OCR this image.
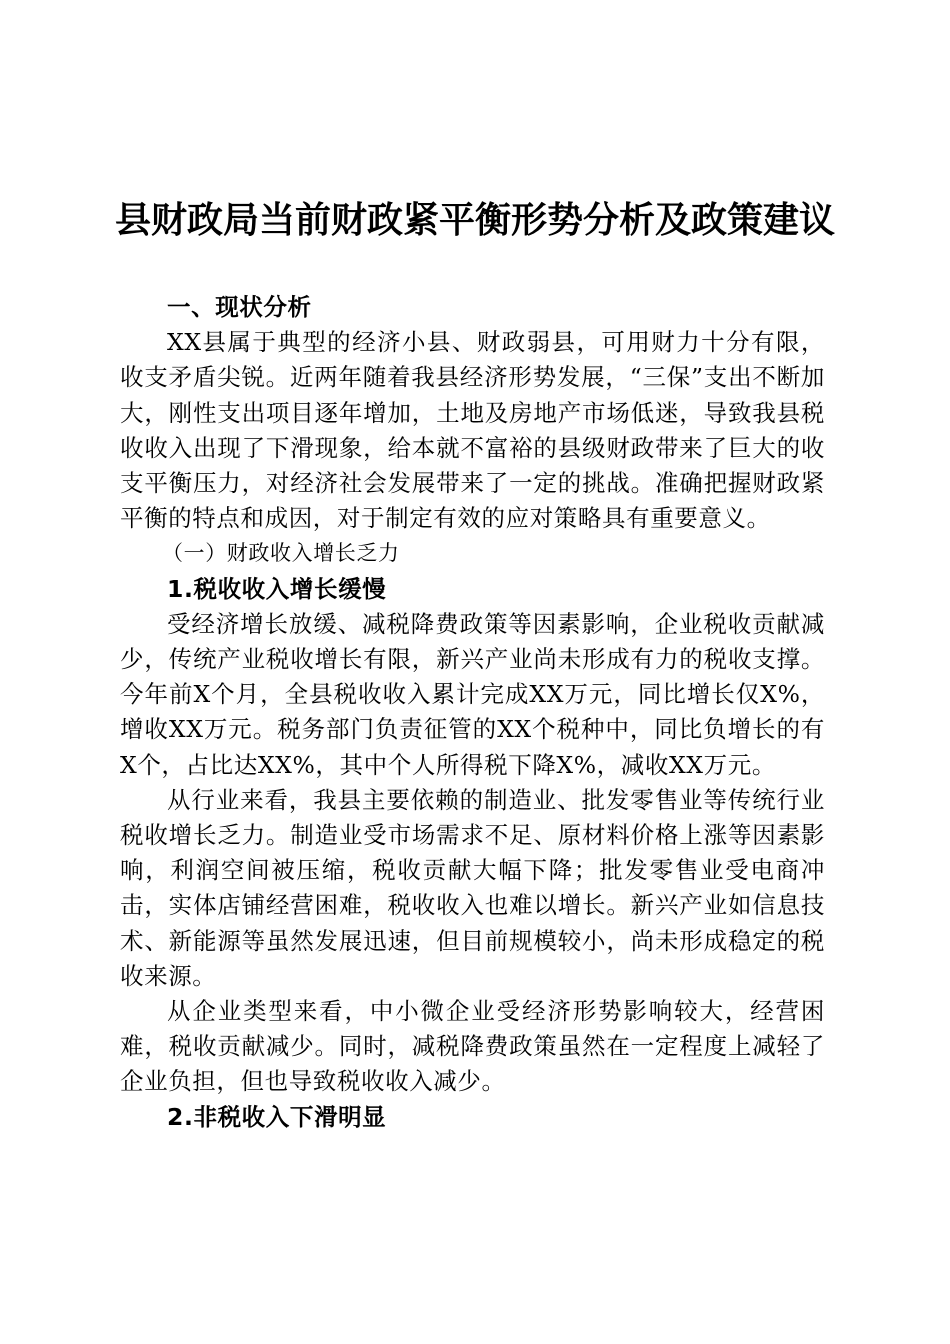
县财政局当前财政紧平衡形势分析及政策建议
一、现状分析

XX县属于典型的经济小县、财政弱县，可用财力十分有限，收支矛盾尖锐。近两年随着我县经济形势发展，“三保”支出不断加大，刚性支出项目逐年增加，土地及房地产市场低迷，导致我县税收收入出现了下滑现象，给本就不富裕的县级财政带来了巨大的收支平衡压力，对经济社会发展带来了一定的挑战。准确把握财政紧平衡的特点和成因，对于制定有效的应对策略具有重要意义。

（一）财政收入增长乏力
1.税收收入增长缓慢

受经济增长放缓、减税降费政策等因素影响，企业税收贡献减少，传统产业税收增长有限，新兴产业尚未形成有力的税收支撑。今年前X个月，全县税收收入累计完成XX万元，同比增长仅X%，增收XX万元。税务部门负责征管的XX个税种中，同比负增长的有X个，占比达XX%，其中个人所得税下降X%，减收XX万元。

从行业来看，我县主要依赖的制造业、批发零售业等传统行业税收增长乏力。制造业受市场需求不足、原材料价格上涨等因素影响，利润空间被压缩，税收贡献大幅下降；批发零售业受电商冲击，实体店铺经营困难，税收收入也难以增长。新兴产业如信息技术、新能源等虽然发展迅速，但目前规模较小，尚未形成稳定的税收来源。

从企业类型来看，中小微企业受经济形势影响较大，经营困难，税收贡献减少。同时，减税降费政策虽然在一定程度上减轻了企业负担，但也导致税收收入减少。

2.非税收入下滑明显
